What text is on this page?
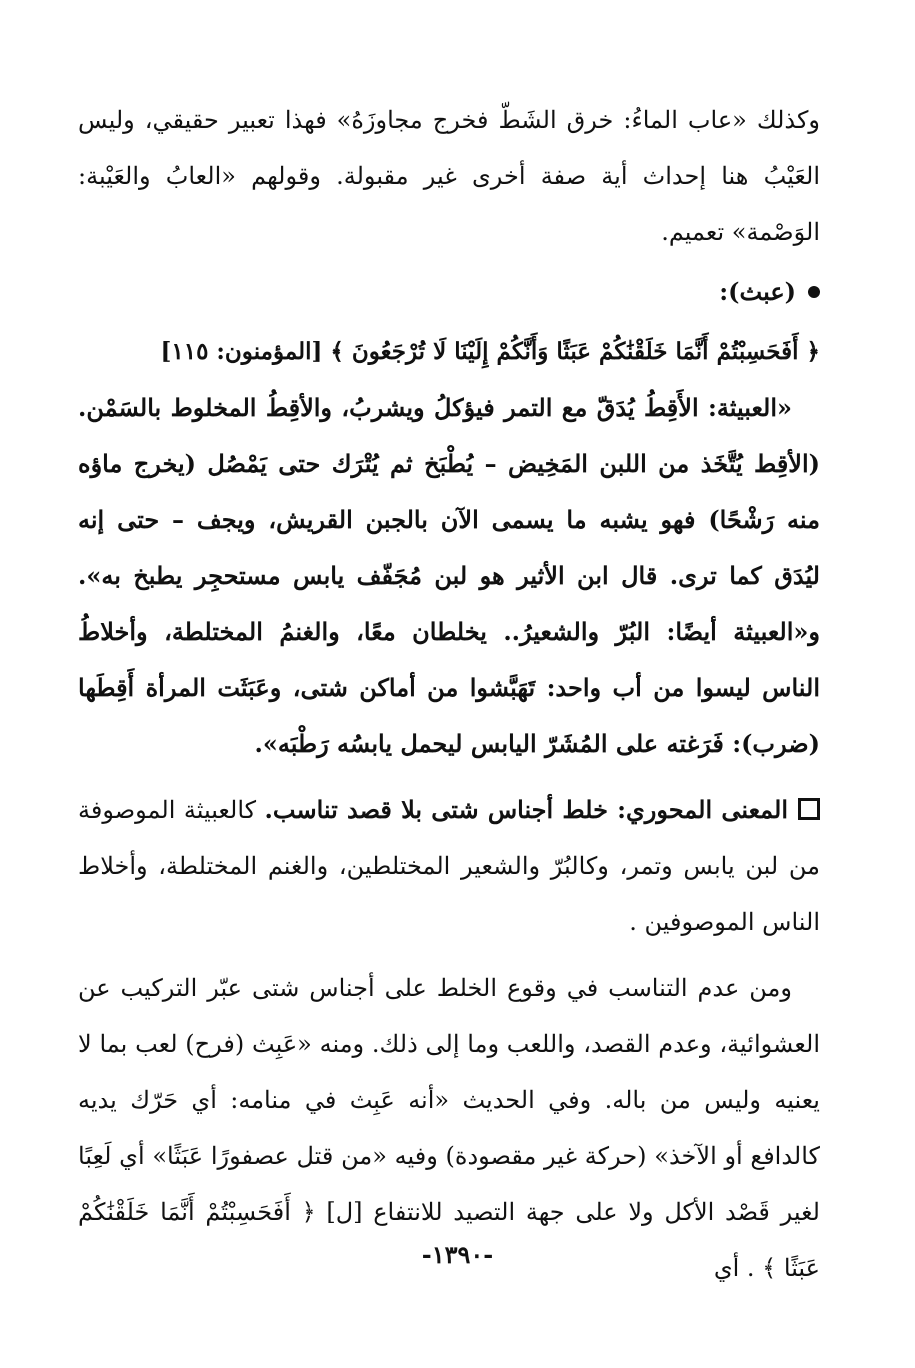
وكذلك «عاب الماءُ: خرق الشَطّ فخرج مجاوزَهُ» فهذا تعبير حقيقي، وليس العَيْبُ هنا إحداث أية صفة أخرى غير مقبولة. وقولهم «العابُ والعَيْبة: الوَصْمة» تعميم.

(عبث):

﴿ أَفَحَسِبْتُمْ أَنَّمَا خَلَقْنَٰكُمْ عَبَثًا وَأَنَّكُمْ إِلَيْنَا لَا تُرْجَعُونَ ﴾ [المؤمنون: ١١٥]

«العبيثة: الأَقِطُ يُدَقّ مع التمر فيؤكلُ ويشربُ، والأقِطُ المخلوط بالسَمْن. (الأقِط يُتَّخَذ من اللبن المَخِيض – يُطْبَخ ثم يُتْرَك حتى يَمْصُل (يخرج ماؤه منه رَشْحًا) فهو يشبه ما يسمى الآن بالجبن القريش، ويجف – حتى إنه ليُدَق كما ترى. قال ابن الأثير هو لبن مُجَفّف يابس مستحجِر يطبخ به». و«العبيثة أيضًا: البُرّ والشعيرُ.. يخلطان معًا، والغنمُ المختلطة، وأخلاطُ الناس ليسوا من أب واحد: تَهَبَّشوا من أماكن شتى، وعَبَثَت المرأة أَقِطَها (ضرب): فَرَغته على المُشَرّ اليابس ليحمل يابسُه رَطْبَه».

المعنى المحوري: خلط أجناس شتى بلا قصد تناسب. كالعبيثة الموصوفة من لبن يابس وتمر، وكالبُرّ والشعير المختلطين، والغنم المختلطة، وأخلاط الناس الموصوفين .

ومن عدم التناسب في وقوع الخلط على أجناس شتى عبّر التركيب عن العشوائية، وعدم القصد، واللعب وما إلى ذلك. ومنه «عَبِث (فرح) لعب بما لا يعنيه وليس من باله. وفي الحديث «أنه عَبِث في منامه: أي حَرّك يديه كالدافع أو الآخذ» (حركة غير مقصودة) وفيه «من قتل عصفورًا عَبَثًا» أي لَعِبًا لغير قَصْد الأكل ولا على جهة التصيد للانتفاع [ل] ﴿ أَفَحَسِبْتُمْ أَنَّمَا خَلَقْنَٰكُمْ عَبَثًا ﴾ . أي

-١٣٩٠-
